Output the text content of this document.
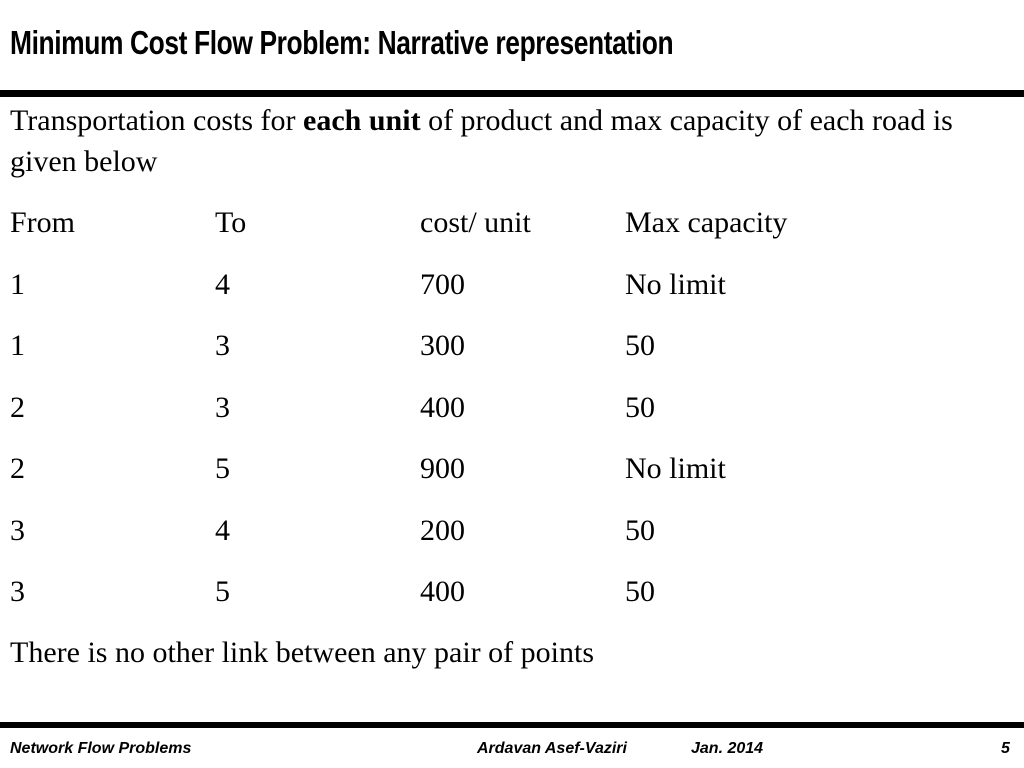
Minimum Cost Flow Problem: Narrative representation

Transportation costs for each unit of product and max capacity of each road is given below

From	To	cost/ unit	Max capacity
1	4	700	No limit
1	3	300	50
2	3	400	50
2	5	900	No limit
3	4	200	50
3	5	400	50
There is no other link between any pair of points
Network Flow Problems	Ardavan Asef-Vaziri	Jan. 2014	5
